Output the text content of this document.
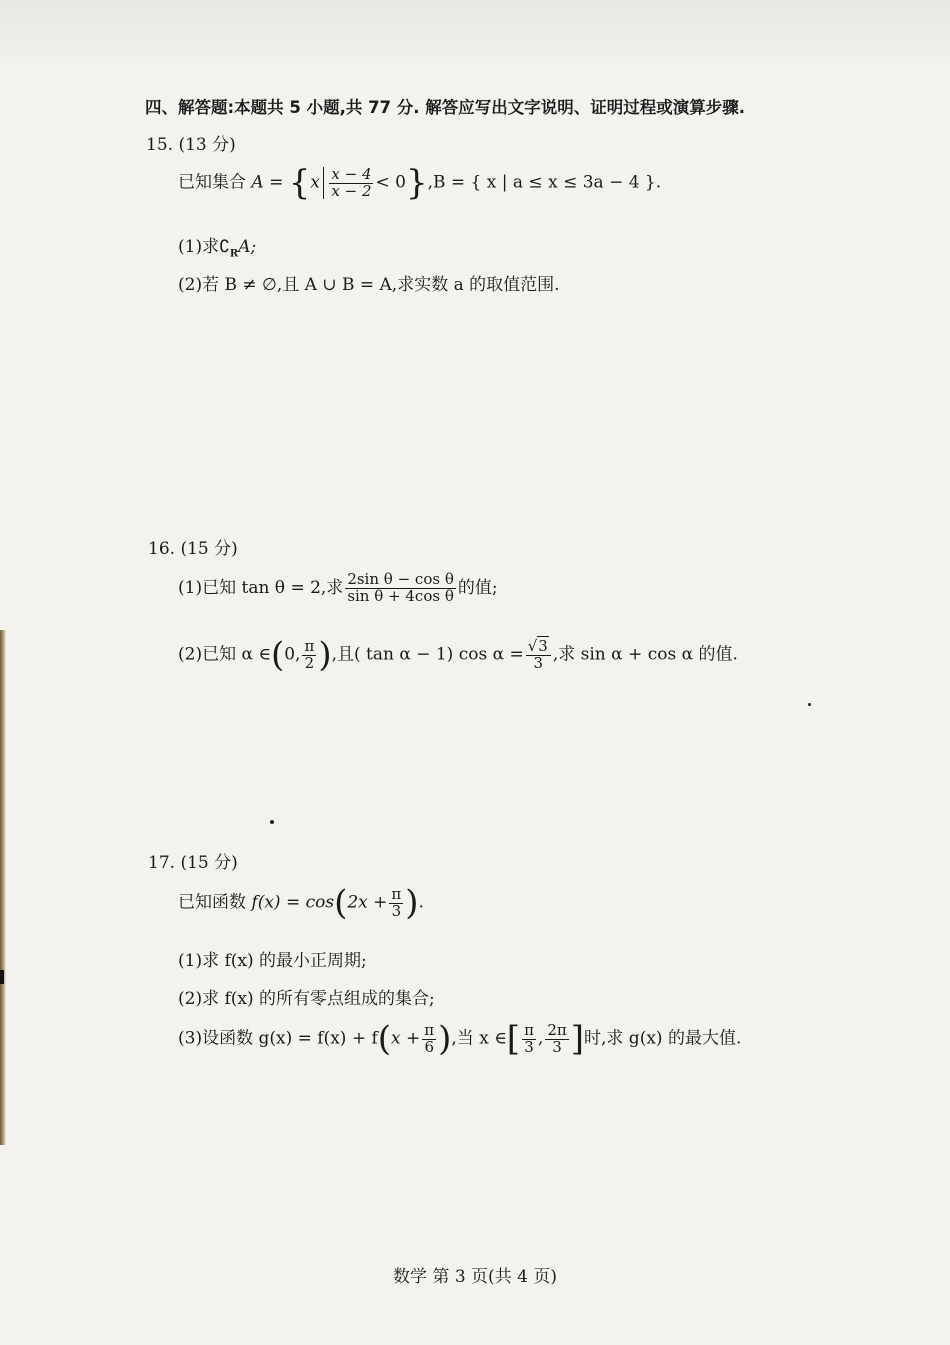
四、解答题:本题共 5 小题,共 77 分. 解答应写出文字说明、证明过程或演算步骤.
15. (13 分)
已知集合 $A = \{x \frac{x - 4}{x - 2} < 0\},B$ = { x | a ≤ x ≤ 3a − 4 }.
(1)求$∁_RA$;
(2)若 B ≠ ∅,且 A ∪ B = A,求实数 a 的取值范围.
16. (15 分)
(1)已知 tan θ = 2,求 $\frac{\text{2sin θ − cos θ}}{\text{sin θ + 4cos θ}}$ 的值;
(2)已知 α ∈(0, $\frac{\pi}{2}$ ),且( tan α − 1) $\cos \alpha = \frac{√3}{3}$ ,求 sin α + cos α 的值.
17. (15 分)
已知函数 $f(x) = \cos(2x + \frac{\pi}{3}$ ).
(1)求 f(x) 的最小正周期;
(2)求 f(x) 的所有零点组成的集合;
(3)设函数 $g(x) = f(x) + f(x + \frac{\pi}{6}$ ),当 x ∈[ $\frac{\pi}{3}$ , $\frac{2\pi}{3}$ ]时,求 g(x) 的最大值.
数学 第 3 页(共 4 页)
